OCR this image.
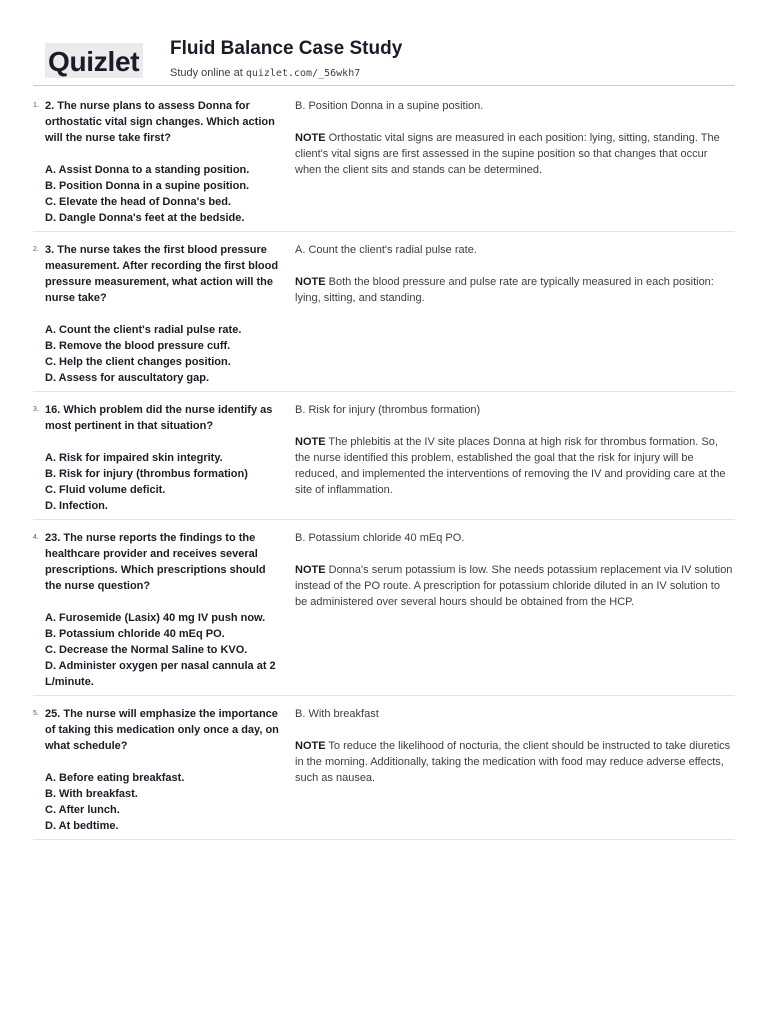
Quizlet Fluid Balance Case Study
Study online at quizlet.com/_56wkh7
1. 2. The nurse plans to assess Donna for orthostatic vital sign changes. Which action will the nurse take first?
A. Assist Donna to a standing position.
B. Position Donna in a supine position.
C. Elevate the head of Donna's bed.
D. Dangle Donna's feet at the bedside.
B. Position Donna in a supine position.
NOTE Orthostatic vital signs are measured in each position: lying, sitting, standing. The client's vital signs are first assessed in the supine position so that changes that occur when the client sits and stands can be determined.
2. 3. The nurse takes the first blood pressure measurement. After recording the first blood pressure measurement, what action will the nurse take?
A. Count the client's radial pulse rate.
B. Remove the blood pressure cuff.
C. Help the client changes position.
D. Assess for auscultatory gap.
A. Count the client's radial pulse rate.
NOTE Both the blood pressure and pulse rate are typically measured in each position: lying, sitting, and standing.
3. 16. Which problem did the nurse identify as most pertinent in that situation?
A. Risk for impaired skin integrity.
B. Risk for injury (thrombus formation)
C. Fluid volume deficit.
D. Infection.
B. Risk for injury (thrombus formation)
NOTE The phlebitis at the IV site places Donna at high risk for thrombus formation. So, the nurse identified this problem, established the goal that the risk for injury will be reduced, and implemented the interventions of removing the IV and providing care at the site of inflammation.
4. 23. The nurse reports the findings to the healthcare provider and receives several prescriptions. Which prescriptions should the nurse question?
A. Furosemide (Lasix) 40 mg IV push now.
B. Potassium chloride 40 mEq PO.
C. Decrease the Normal Saline to KVO.
D. Administer oxygen per nasal cannula at 2 L/minute.
B. Potassium chloride 40 mEq PO.
NOTE Donna's serum potassium is low. She needs potassium replacement via IV solution instead of the PO route. A prescription for potassium chloride diluted in an IV solution to be administered over several hours should be obtained from the HCP.
5. 25. The nurse will emphasize the importance of taking this medication only once a day, on what schedule?
A. Before eating breakfast.
B. With breakfast.
C. After lunch.
D. At bedtime.
B. With breakfast
NOTE To reduce the likelihood of nocturia, the client should be instructed to take diuretics in the morning. Additionally, taking the medication with food may reduce adverse effects, such as nausea.
